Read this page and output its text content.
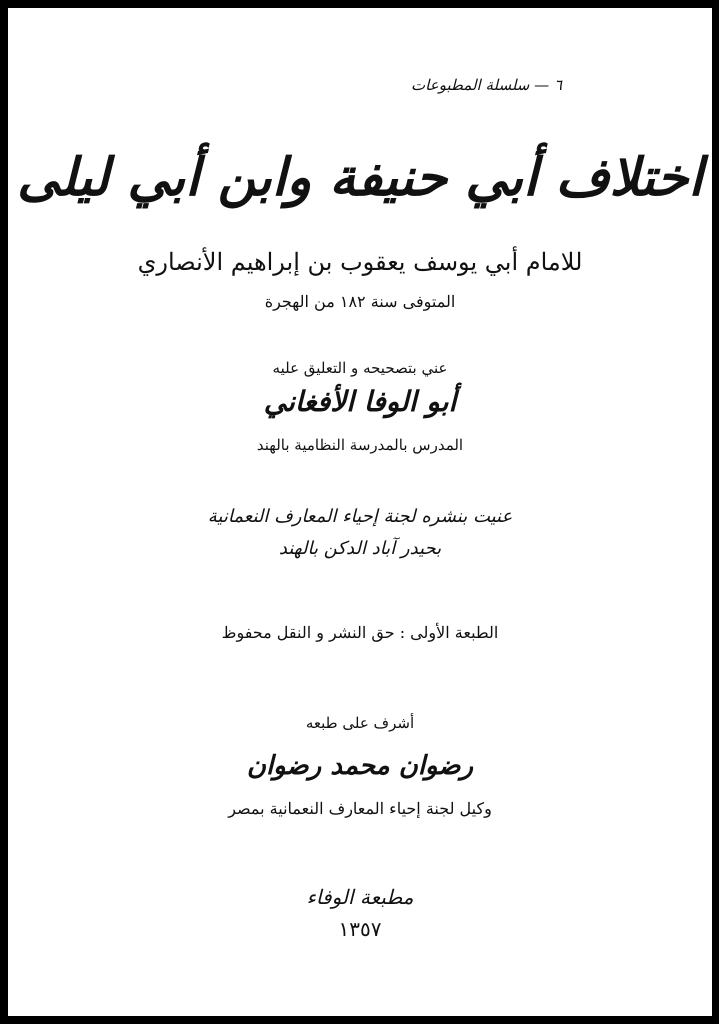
٦ — سلسلة المطبوعات
اختلاف أبي حنيفة وابن أبي ليلى
للامام أبي يوسف يعقوب بن إبراهيم الأنصاري
المتوفى سنة ١٨٢ من الهجرة
عني بتصحيحه و التعليق عليه
أبو الوفا الأفغاني
المدرس بالمدرسة النظامية بالهند
عنيت بنشره لجنة إحياء المعارف النعمانية
بحيدر آباد الدكن بالهند
الطبعة الأولى : حق النشر و النقل محفوظ
أشرف على طبعه
رضوان محمد رضوان
وكيل لجنة إحياء المعارف النعمانية بمصر
مطبعة الوفاء
١٣٥٧
